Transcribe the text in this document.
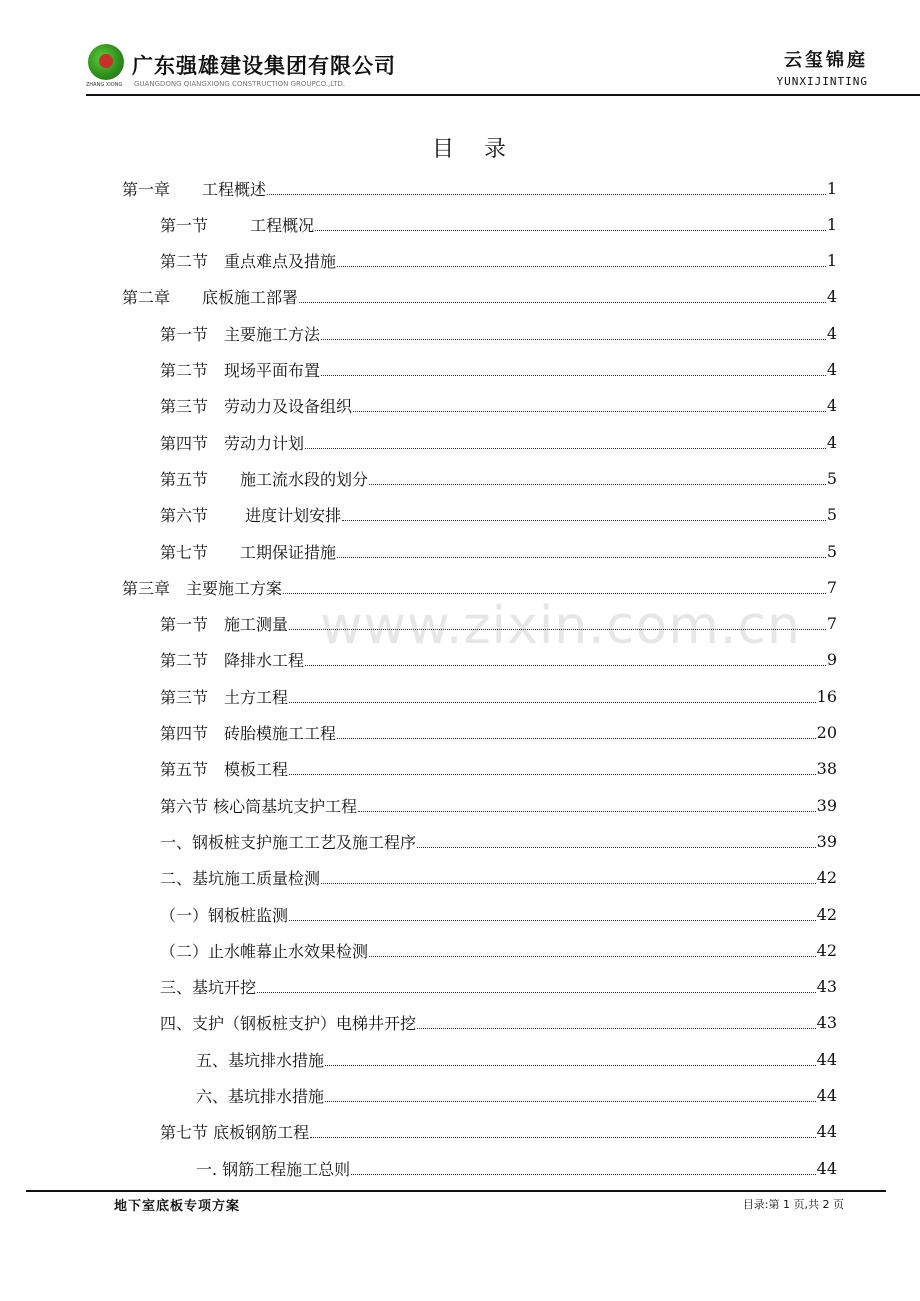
ZHANG XIONG
广东强雄建设集团有限公司
GUANGDONG QIANGXIONG CONSTRUCTION GROUPCO.,LTD.
云玺锦庭
YUNXIJINTING
目录
www.zixin.com.cn
第一章　　工程概述	1
第一节　　  工程概况	1
第二节　重点难点及措施	1
第二章　　底板施工部署	4
第一节　主要施工方法	4
第二节　现场平面布置	4
第三节　劳动力及设备组织	4
第四节　劳动力计划	4
第五节　　施工流水段的划分	5
第六节　　 进度计划安排	5
第七节　　工期保证措施	5
第三章　主要施工方案	7
第一节　施工测量	7
第二节　降排水工程	9
第三节　土方工程	16
第四节　砖胎模施工工程	20
第五节　模板工程	38
第六节 核心筒基坑支护工程	39
一、钢板桩支护施工工艺及施工程序	39
二、基坑施工质量检测	42
（一）钢板桩监测	42
（二）止水帷幕止水效果检测	42
三、基坑开挖	43
四、支护（钢板桩支护）电梯井开挖	43
五、基坑排水措施	44
六、基坑排水措施	44
第七节 底板钢筋工程	44
一. 钢筋工程施工总则	44
地下室底板专项方案	目录:第 1 页,共 2 页
